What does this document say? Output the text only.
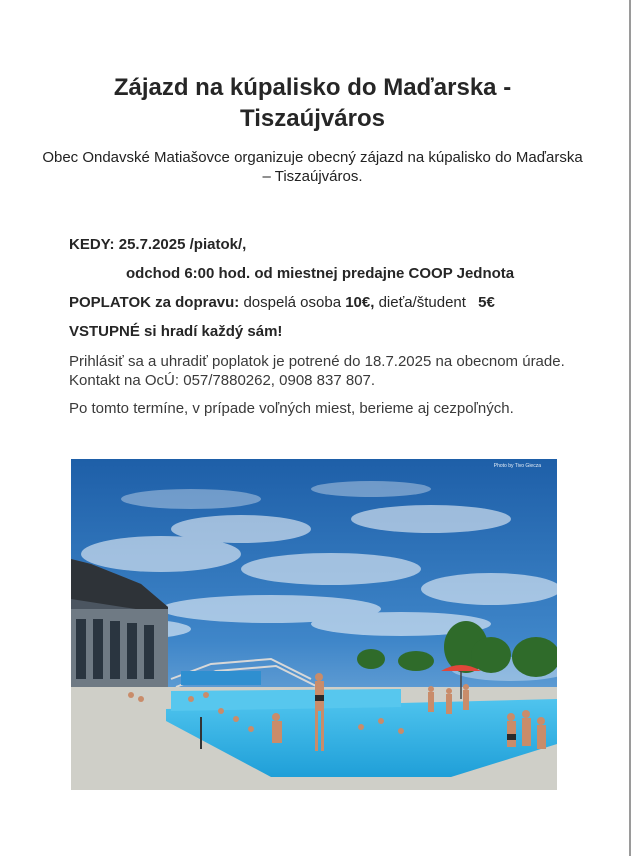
Zájazd na kúpalisko do Maďarska - Tiszaújváros

Obec Ondavské Matiašovce organizuje obecný zájazd na kúpalisko do Maďarska – Tiszaújváros.

KEDY: 25.7.2025 /piatok/,
odchod 6:00 hod. od miestnej predajne COOP Jednota
POPLATOK za dopravu: dospelá osoba 10€, dieťa/študent 5€
VSTUPNÉ si hradí každý sám!

Prihlásiť sa a uhradiť poplatok je potrené do 18.7.2025 na obecnom úrade. Kontakt na OcÚ: 057/7880262, 0908 837 807.

Po tomto termíne, v prípade voľných miest, berieme aj cezpoľných.

Photo by Tivo Giecza
